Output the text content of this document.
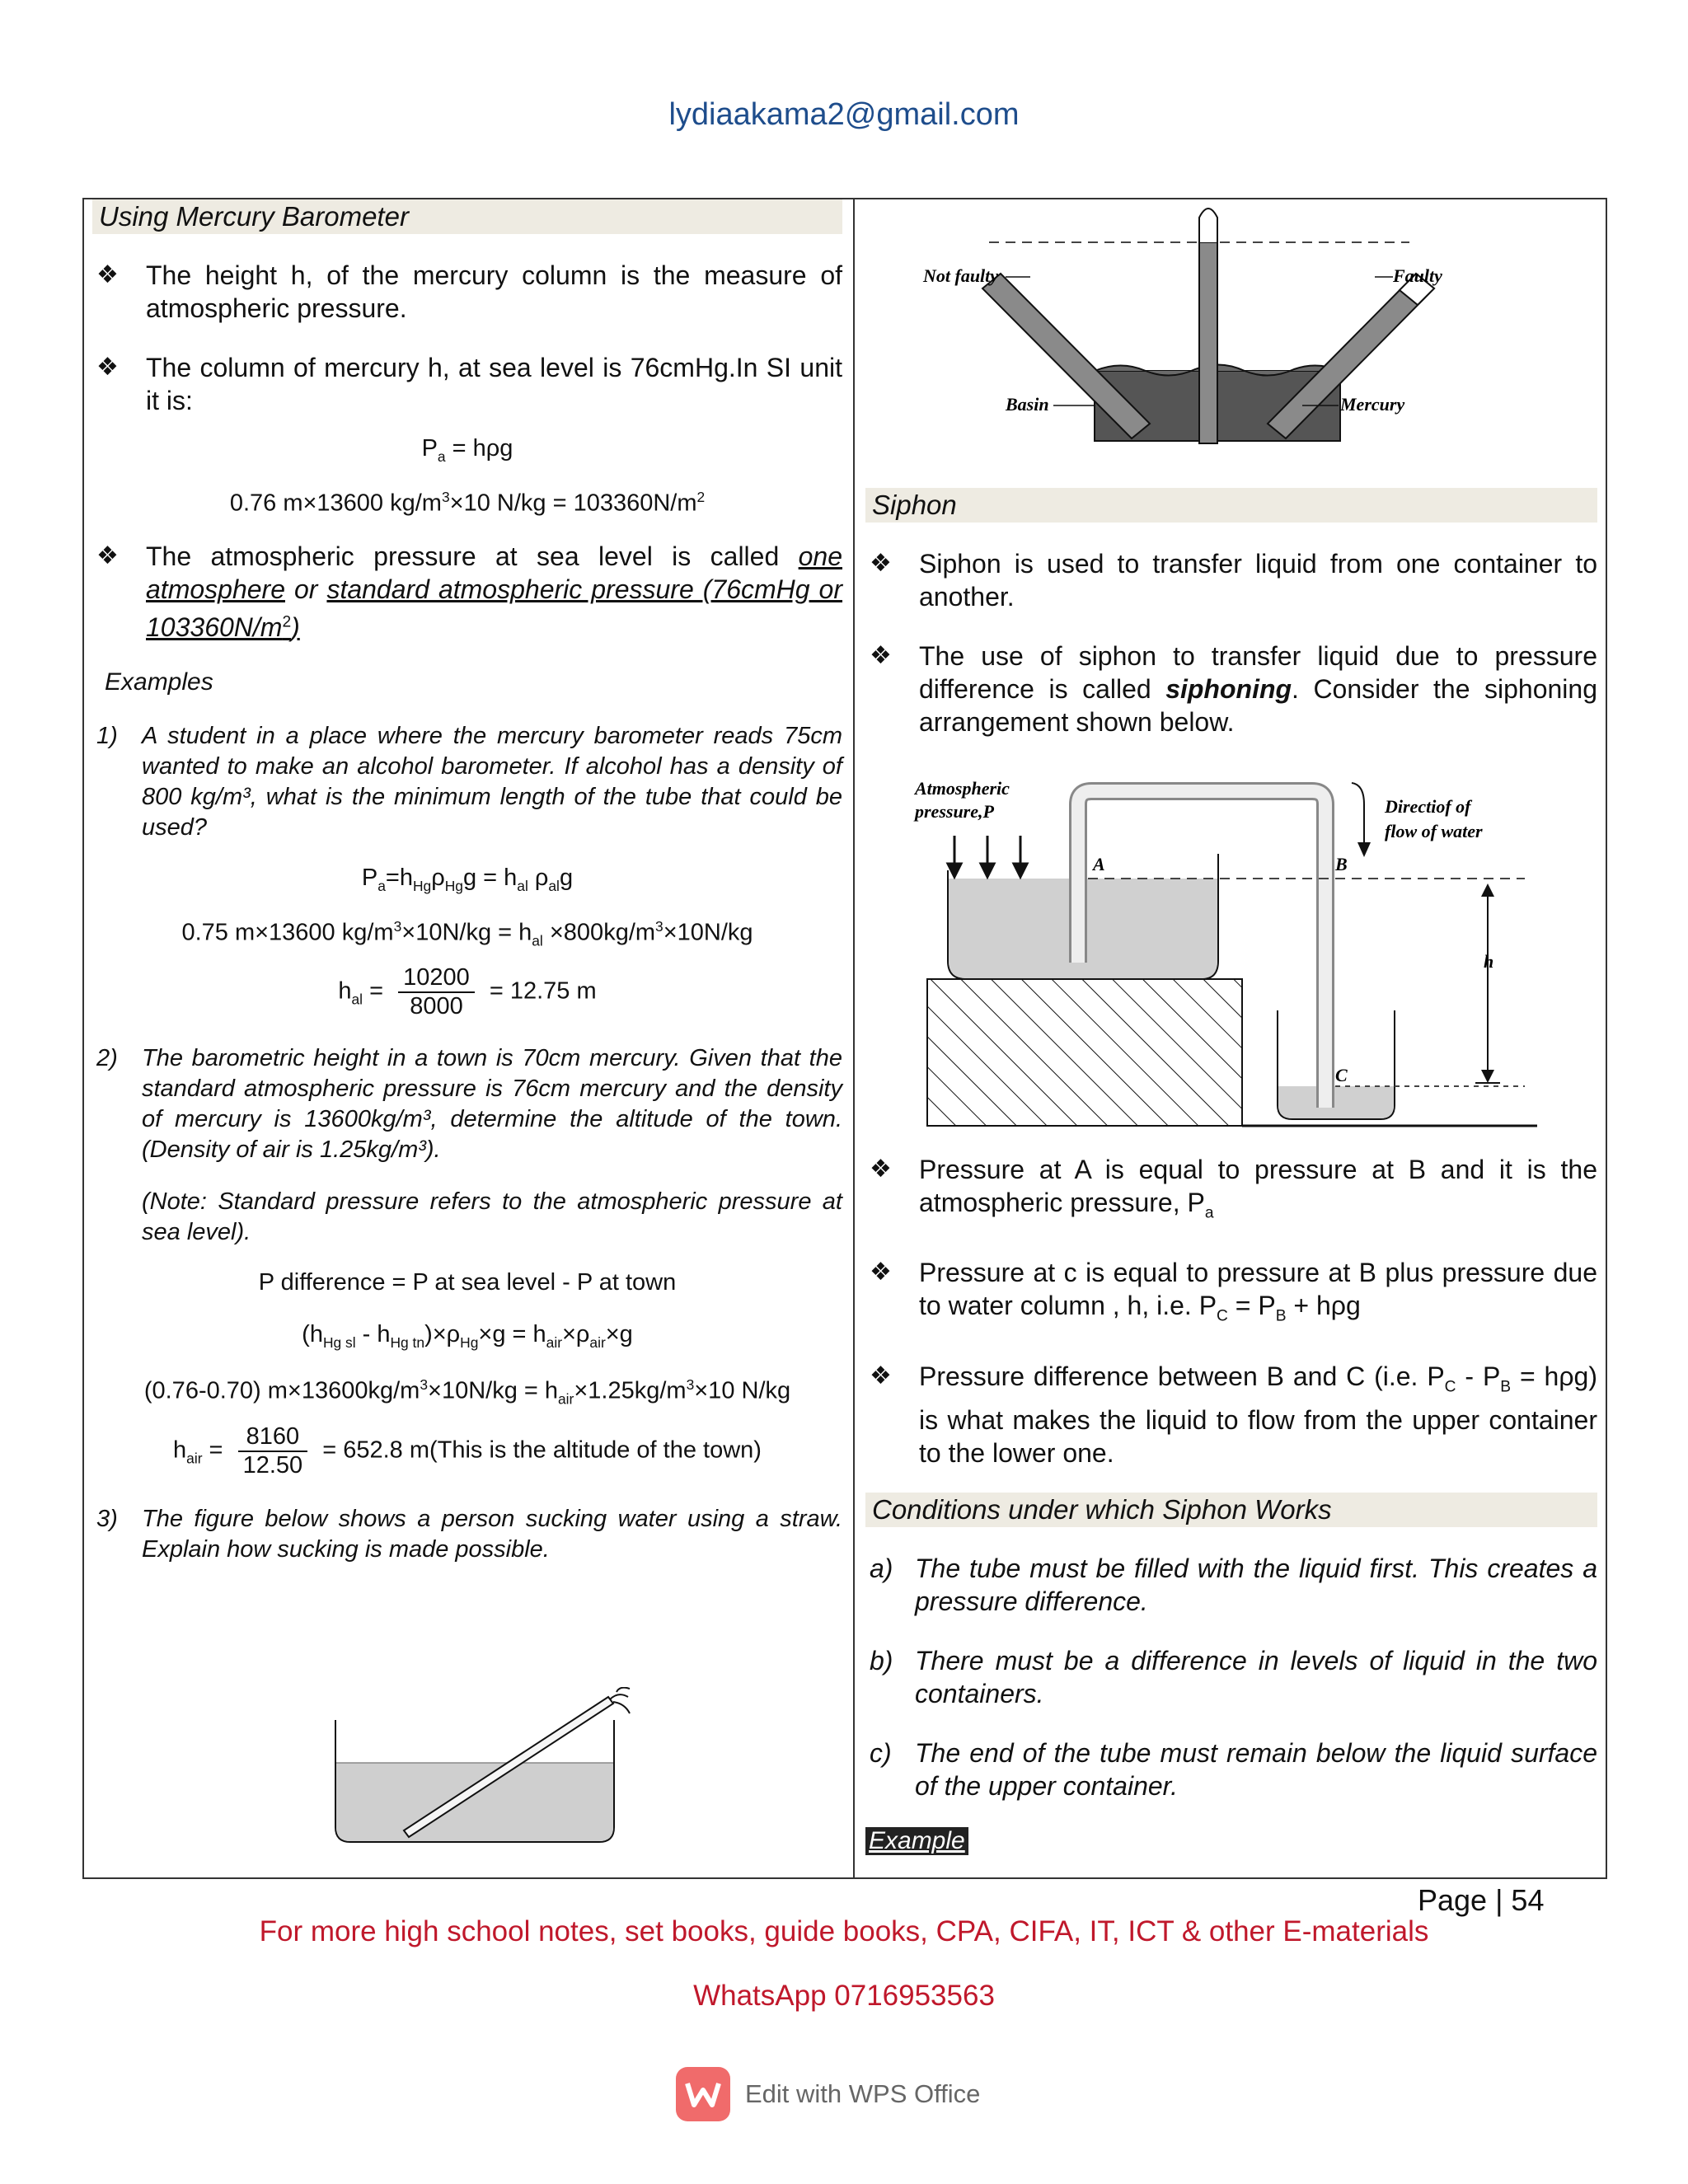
lydiaakama2@gmail.com
Using Mercury Barometer
❖ The height h, of the mercury column is the measure of atmospheric pressure.
❖ The column of mercury h, at sea level is 76cmHg.In SI unit it is:
$P_a = h\rho g$
0.76 m×13600 $kg/m^3\times 10$ $N/kg = 103360N/m^2$
❖ The atmospheric pressure at sea level is called one atmosphere or standard atmospheric pressure (76cmHg or $103360N/m^2$)
Examples
1) A student in a place where the mercury barometer reads 75cm wanted to make an alcohol barometer. If alcohol has a density of 800 kg/m³, what is the minimum length of the tube that could be used?
$P_a=h_{Hg}\rho_{Hg}g = h_{al}$ $\rho_{al}g$
0.75 m×13600 $kg/m^3\times 10N/kg = h_{al} \times 800kg/m^3\times 10N/kg$
$h_{al} = \frac{10200}{8000} = 12.75$ m
2) The barometric height in a town is 70cm mercury. Given that the standard atmospheric pressure is 76cm mercury and the density of mercury is 13600kg/m³, determine the altitude of the town. (Density of air is 1.25kg/m³).
(Note: Standard pressure refers to the atmospheric pressure at sea level).
P difference = P at sea level - P at town
$(h_{Hg sl} - h_{Hg tn})\times\rho_{Hg}\times g = h_{air}\times\rho_{air}\times g$
(0.76-0.70) $m\times 13600kg/m^3\times 10N/kg = h_{air}\times 1.25kg/m^3\times 10$ N/kg
$h_{air} = \frac{8160}{12.50} = 652.8$ m(This is the altitude of the town)
3) The figure below shows a person sucking water using a straw. Explain how sucking is made possible.
Not faulty	Faulty
Basin	Mercury
Siphon
❖ Siphon is used to transfer liquid from one container to another.
❖ The use of siphon to transfer liquid due to pressure difference is called siphoning. Consider the siphoning arrangement shown below.
Atmospheric
pressure,P	Directiof of
flow of water
A	B
C
h
❖ Pressure at A is equal to pressure at B and it is the atmospheric pressure, $P_a$
❖ Pressure at c is equal to pressure at B plus pressure due to water column , h, i.e. $P_C = P_B + h\rho g$
❖ Pressure difference between B and C (i.e. $P_C - P_B = h\rho g$) is what makes the liquid to flow from the upper container to the lower one.
Conditions under which Siphon Works
a) The tube must be filled with the liquid first. This creates a pressure difference.
b) There must be a difference in levels of liquid in the two containers.
c) The end of the tube must remain below the liquid surface of the upper container.
Example
Page | 54
For more high school notes, set books, guide books, CPA, CIFA, IT, ICT & other E-materials
WhatsApp 0716953563
Edit with WPS Office
